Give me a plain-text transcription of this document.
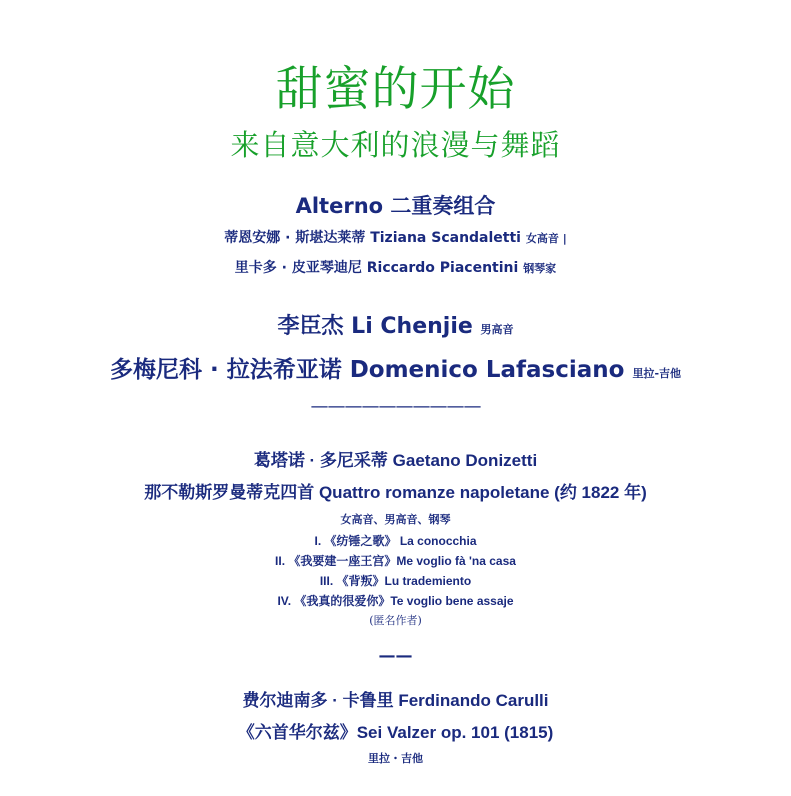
甜蜜的开始
来自意大利的浪漫与舞蹈
Alterno 二重奏组合
蒂恩安娜 · 斯堪达莱蒂 Tiziana Scandaletti 女高音 |
里卡多 · 皮亚琴迪尼 Riccardo Piacentini 钢琴家
李臣杰 Li Chenjie 男高音
多梅尼科 · 拉法希亚诺 Domenico Lafasciano 里拉-吉他
——————————
葛塔诺 · 多尼采蒂 Gaetano Donizetti
那不勒斯罗曼蒂克四首 Quattro romanze napoletane (约 1822 年)
女高音、男高音、钢琴
I. 《纺锤之歌》 La conocchia
II. 《我要建一座王宫》Me voglio fà 'na casa
III. 《背叛》Lu trademiento
IV. 《我真的很爱你》Te voglio bene assaje
(匿名作者)
——
费尔迪南多 · 卡鲁里 Ferdinando Carulli
《六首华尔兹》Sei Valzer op. 101 (1815)
里拉・吉他
